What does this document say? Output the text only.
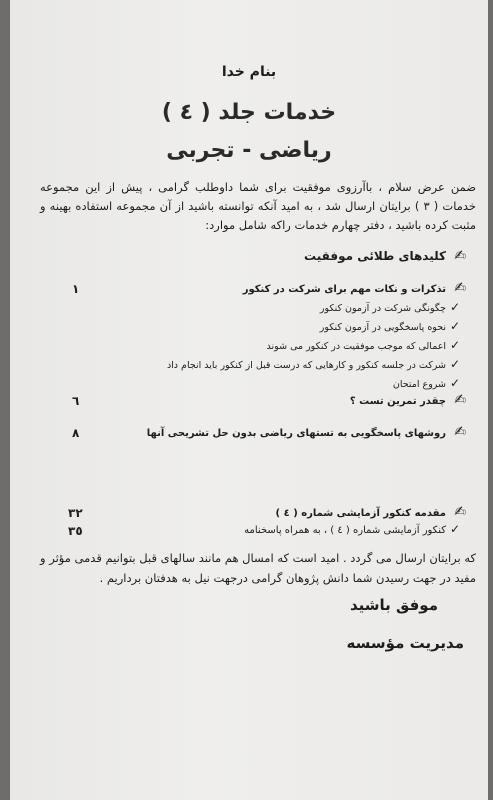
بنام خدا
خدمات جلد ( ٤ )
ریاضی - تجربی
ضمن عرض سلام ، باآرزوی موفقیت برای شما داوطلب گرامی ، پیش از این مجموعه خدمات ( ٣ ) برایتان ارسال شد ، به امید آنکه توانسته باشید از آن مجموعه استفاده بهینه و مثبت کرده باشید ، دفتر چهارم خدمات راکه شامل موارد:
✍کلیدهای طلائی موفقیت
✍تذکرات و نکات مهم برای شرکت در کنکور
١
✓چگونگی شرکت در آزمون کنکور
✓نحوه پاسخگویی در آزمون کنکور
✓اعمالی که موجب موفقیت در کنکور می شوند
✓شرکت در جلسه کنکور و کارهایی که درست قبل از کنکور باید انجام داد
✓شروع امتحان
✍چقدر تمرین تست ؟
٦
✍روشهای پاسخگویی به تستهای ریاضی بدون حل تشریحی آنها
٨
✍مقدمه کنکور آزمایشی شماره ( ٤ )
٣٢
✓کنکور آزمایشی شماره ( ٤ ) ، به همراه پاسخنامه
٣٥
که برایتان ارسال می گردد . امید است که امسال هم مانند سالهای قبل بتوانیم قدمی مؤثر و مفید در جهت رسیدن شما دانش پژوهان گرامی درجهت نیل به هدفتان برداریم .
موفق باشید
مدیریت مؤسسه
